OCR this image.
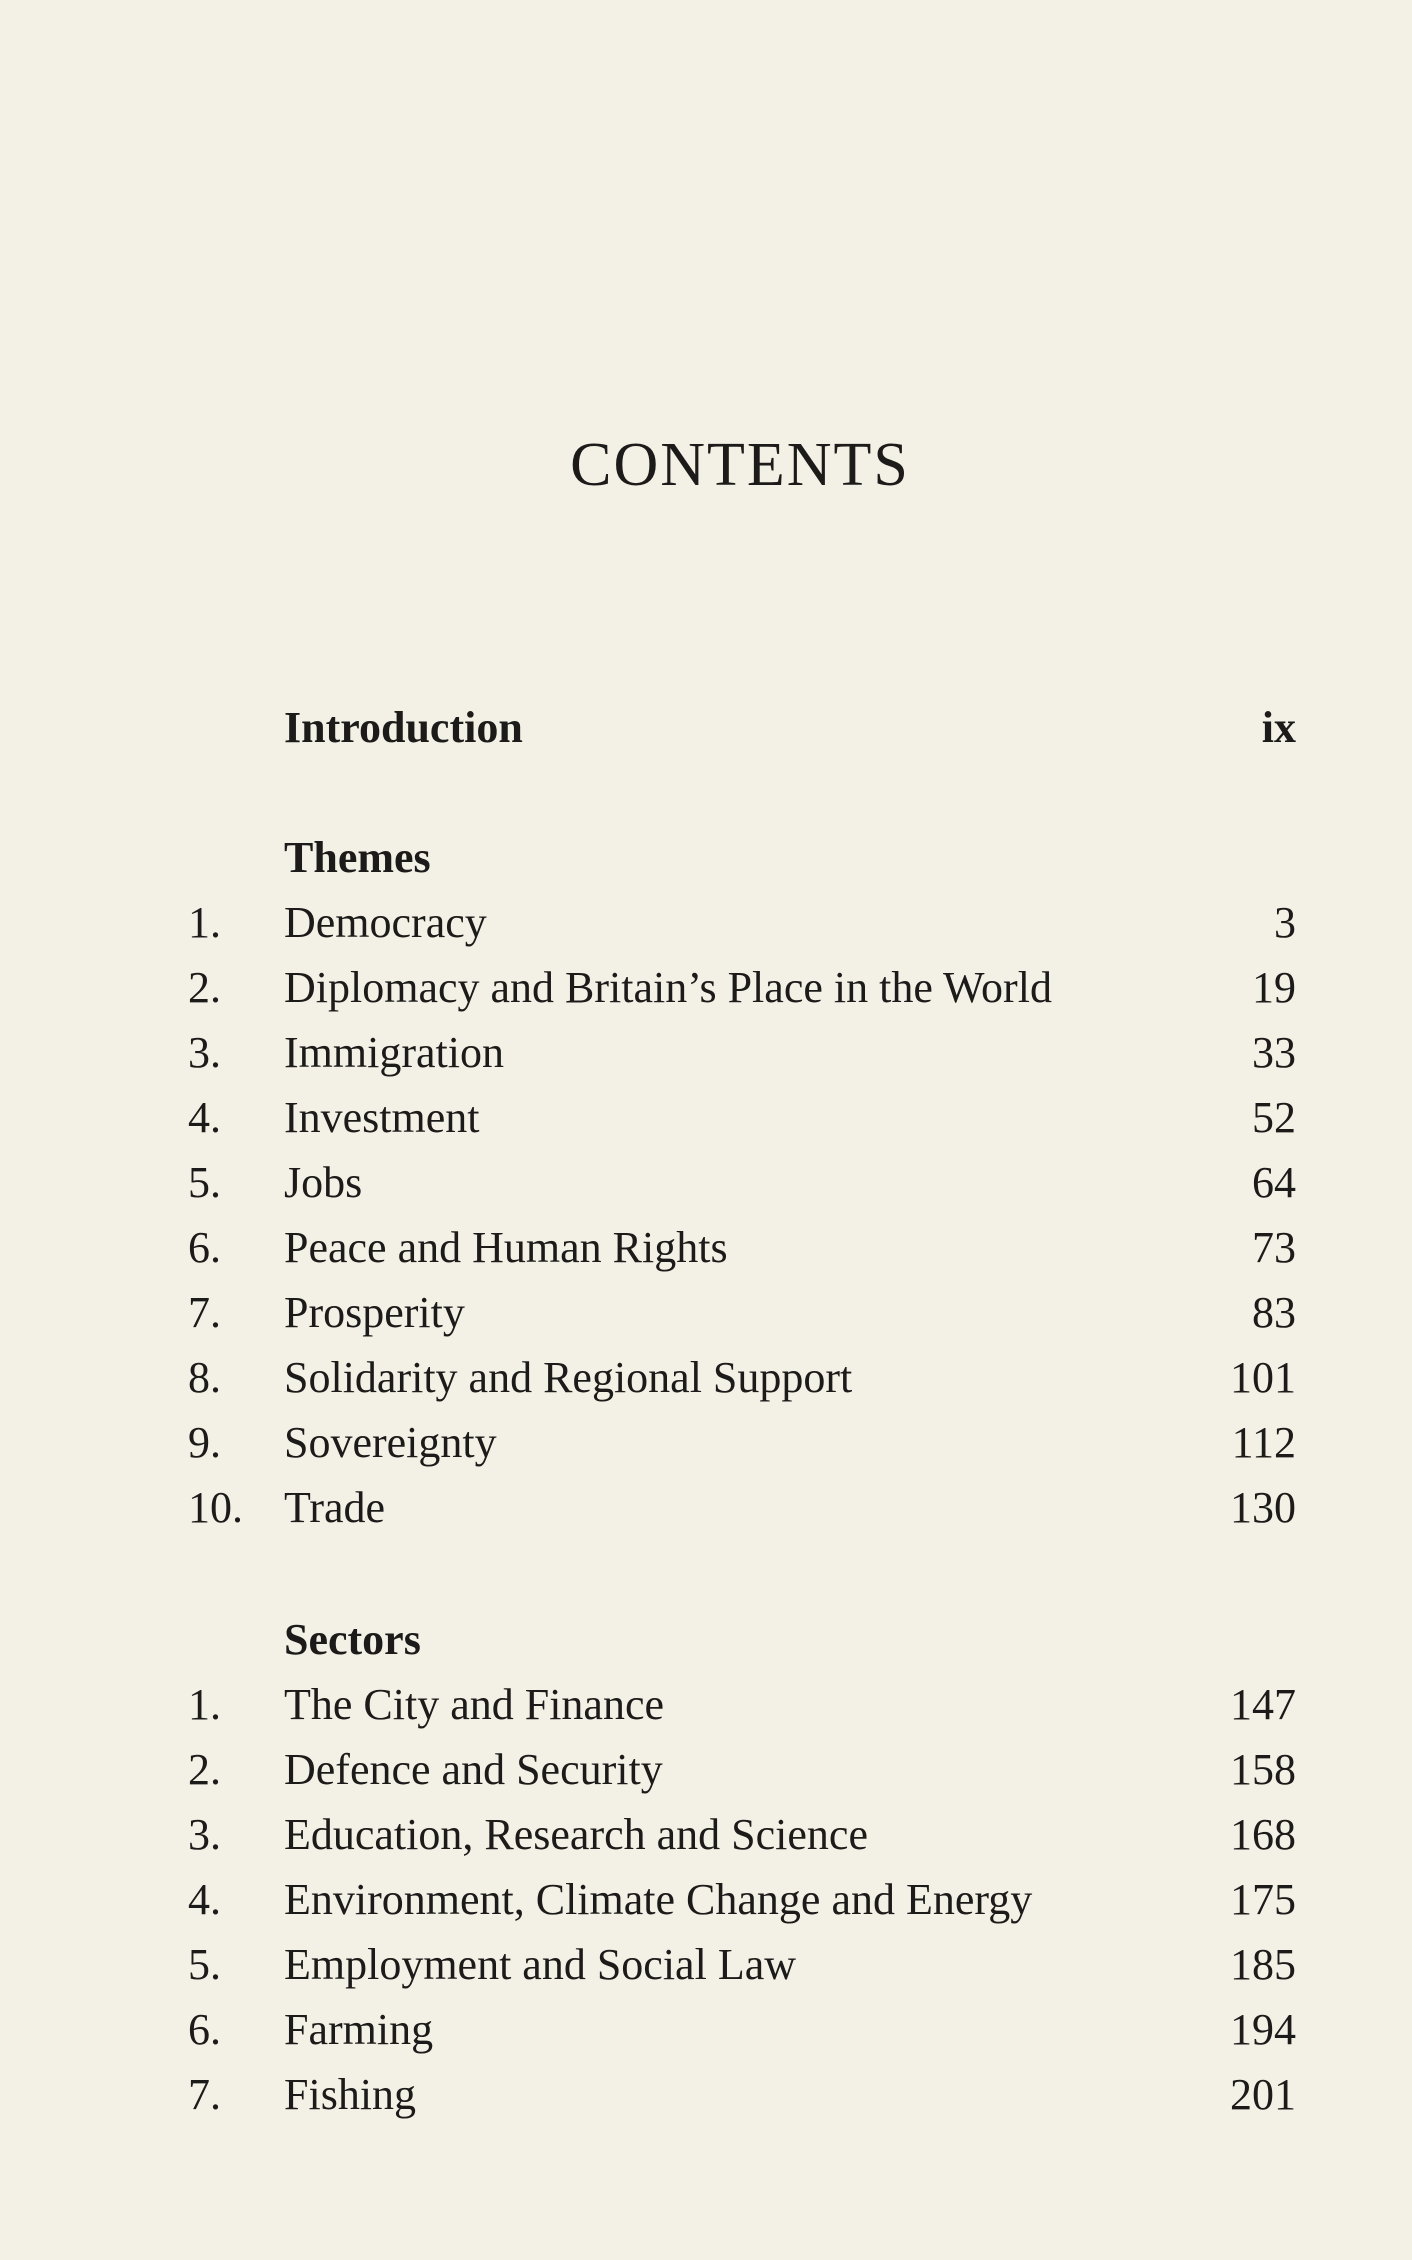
CONTENTS
Introduction	ix
Themes
1.	Democracy	3
2.	Diplomacy and Britain’s Place in the World	19
3.	Immigration	33
4.	Investment	52
5.	Jobs	64
6.	Peace and Human Rights	73
7.	Prosperity	83
8.	Solidarity and Regional Support	101
9.	Sovereignty	112
10. Trade	130
Sectors
1.	The City and Finance	147
2.	Defence and Security	158
3.	Education, Research and Science	168
4.	Environment, Climate Change and Energy	175
5.	Employment and Social Law	185
6.	Farming	194
7.	Fishing	201
